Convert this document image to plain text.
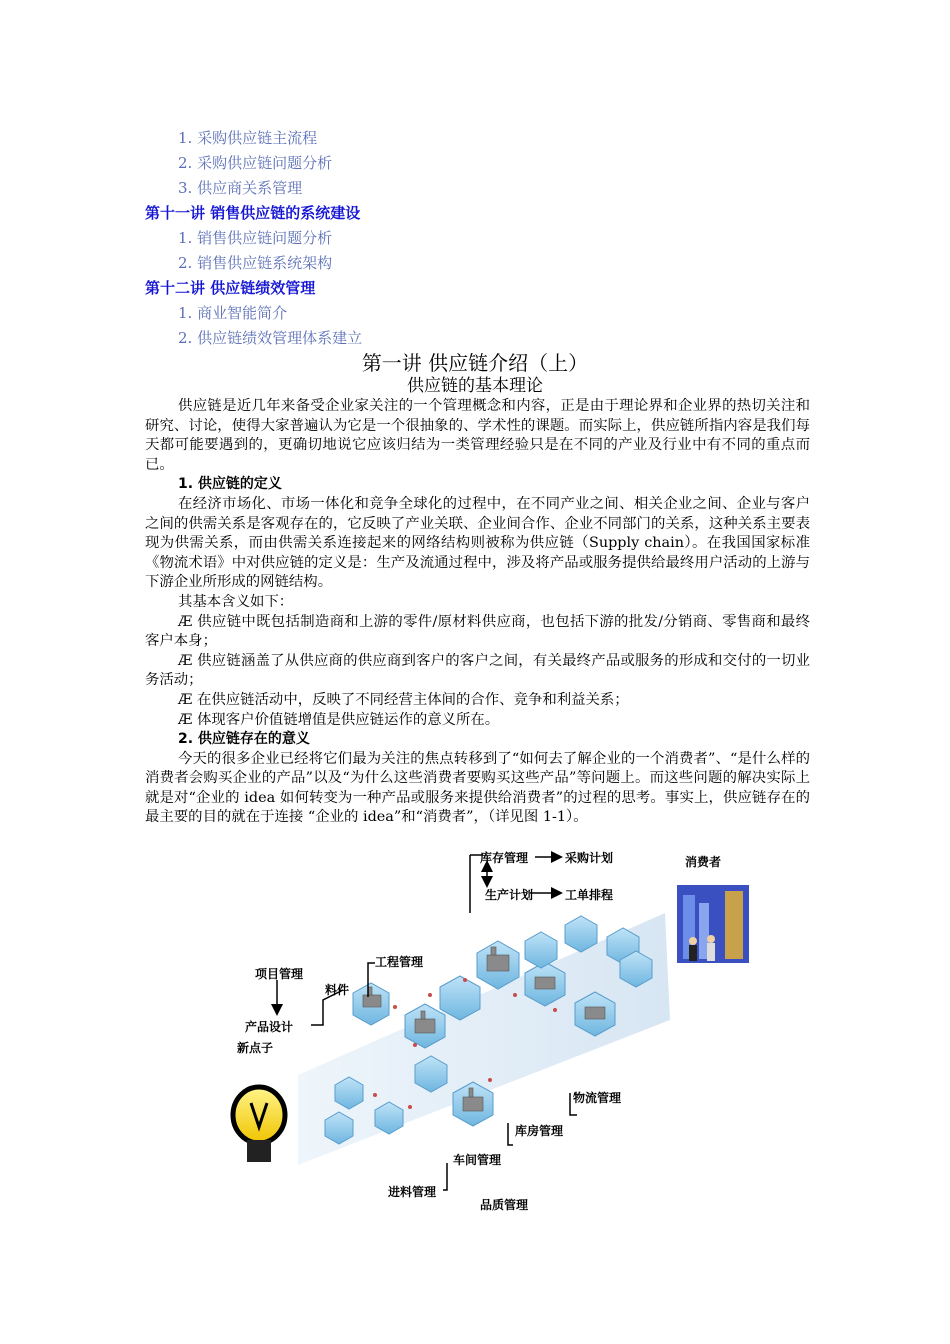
1. 采购供应链主流程
2. 采购供应链问题分析
3. 供应商关系管理
第十一讲 销售供应链的系统建设
1. 销售供应链问题分析
2. 销售供应链系统架构
第十二讲 供应链绩效管理
1. 商业智能简介
2. 供应链绩效管理体系建立
第一讲 供应链介绍（上）
供应链的基本理论

供应链是近几年来备受企业家关注的一个管理概念和内容，正是由于理论界和企业界的热切关注和研究、讨论，使得大家普遍认为它是一个很抽象的、学术性的课题。而实际上，供应链所指内容是我们每天都可能要遇到的，更确切地说它应该归结为一类管理经验只是在不同的产业及行业中有不同的重点而已。

1. 供应链的定义

在经济市场化、市场一体化和竞争全球化的过程中，在不同产业之间、相关企业之间、企业与客户之间的供需关系是客观存在的，它反映了产业关联、企业间合作、企业不同部门的关系，这种关系主要表现为供需关系，而由供需关系连接起来的网络结构则被称为供应链（Supply chain）。在我国国家标准《物流术语》中对供应链的定义是：生产及流通过程中，涉及将产品或服务提供给最终用户活动的上游与下游企业所形成的网链结构。

其基本含义如下：

Æ 供应链中既包括制造商和上游的零件/原材料供应商，也包括下游的批发/分销商、零售商和最终客户本身；

Æ 供应链涵盖了从供应商的供应商到客户的客户之间，有关最终产品或服务的形成和交付的一切业务活动；

Æ 在供应链活动中，反映了不同经营主体间的合作、竞争和利益关系；

Æ 体现客户价值链增值是供应链运作的意义所在。

2. 供应链存在的意义

今天的很多企业已经将它们最为关注的焦点转移到了“如何去了解企业的一个消费者”、“是什么样的消费者会购买企业的产品”以及“为什么这些消费者要购买这些产品”等问题上。而这些问题的解决实际上就是对“企业的 idea 如何转变为一种产品或服务来提供给消费者”的过程的思考。事实上，供应链存在的最主要的目的就在于连接 “企业的 idea”和“消费者”，（详见图 1-1）。

库存管理	采购计划
生产计划	工单排程
消费者
工程管理
项目管理
料件
产品设计
新点子
物流管理
库房管理
车间管理
进料管理
品质管理
